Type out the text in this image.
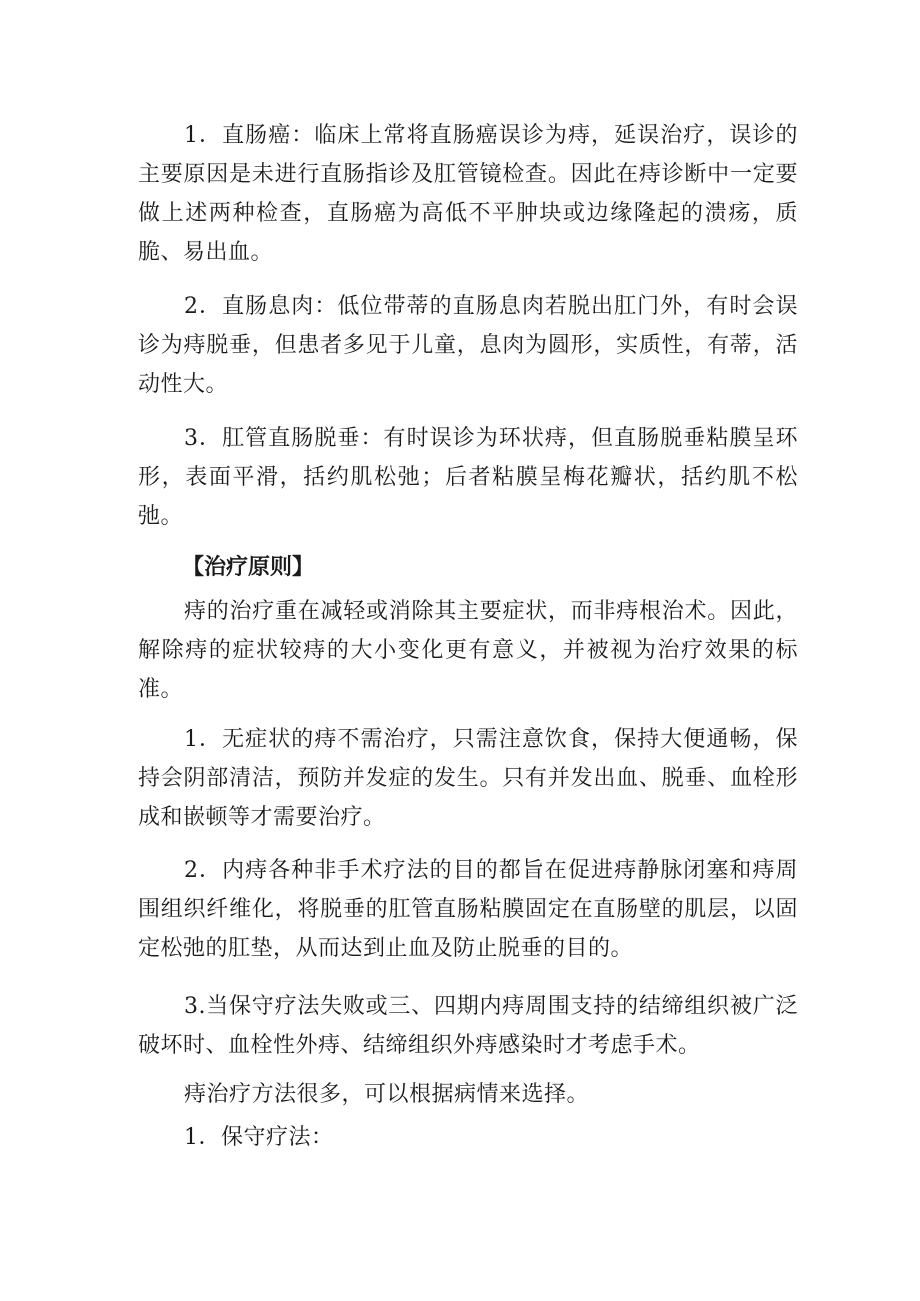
1．直肠癌：临床上常将直肠癌误诊为痔，延误治疗，误诊的主要原因是未进行直肠指诊及肛管镜检查。因此在痔诊断中一定要做上述两种检查，直肠癌为高低不平肿块或边缘隆起的溃疡，质脆、易出血。

2．直肠息肉：低位带蒂的直肠息肉若脱出肛门外，有时会误诊为痔脱垂，但患者多见于儿童，息肉为圆形，实质性，有蒂，活动性大。

3．肛管直肠脱垂：有时误诊为环状痔，但直肠脱垂粘膜呈环形，表面平滑，括约肌松弛；后者粘膜呈梅花瓣状，括约肌不松弛。

【治疗原则】

痔的治疗重在减轻或消除其主要症状，而非痔根治术。因此，解除痔的症状较痔的大小变化更有意义，并被视为治疗效果的标准。

1．无症状的痔不需治疗，只需注意饮食，保持大便通畅，保持会阴部清洁，预防并发症的发生。只有并发出血、脱垂、血栓形成和嵌顿等才需要治疗。

2．内痔各种非手术疗法的目的都旨在促进痔静脉闭塞和痔周围组织纤维化，将脱垂的肛管直肠粘膜固定在直肠壁的肌层，以固定松弛的肛垫，从而达到止血及防止脱垂的目的。

3.当保守疗法失败或三、四期内痔周围支持的结缔组织被广泛破坏时、血栓性外痔、结缔组织外痔感染时才考虑手术。

痔治疗方法很多，可以根据病情来选择。

1．保守疗法：
